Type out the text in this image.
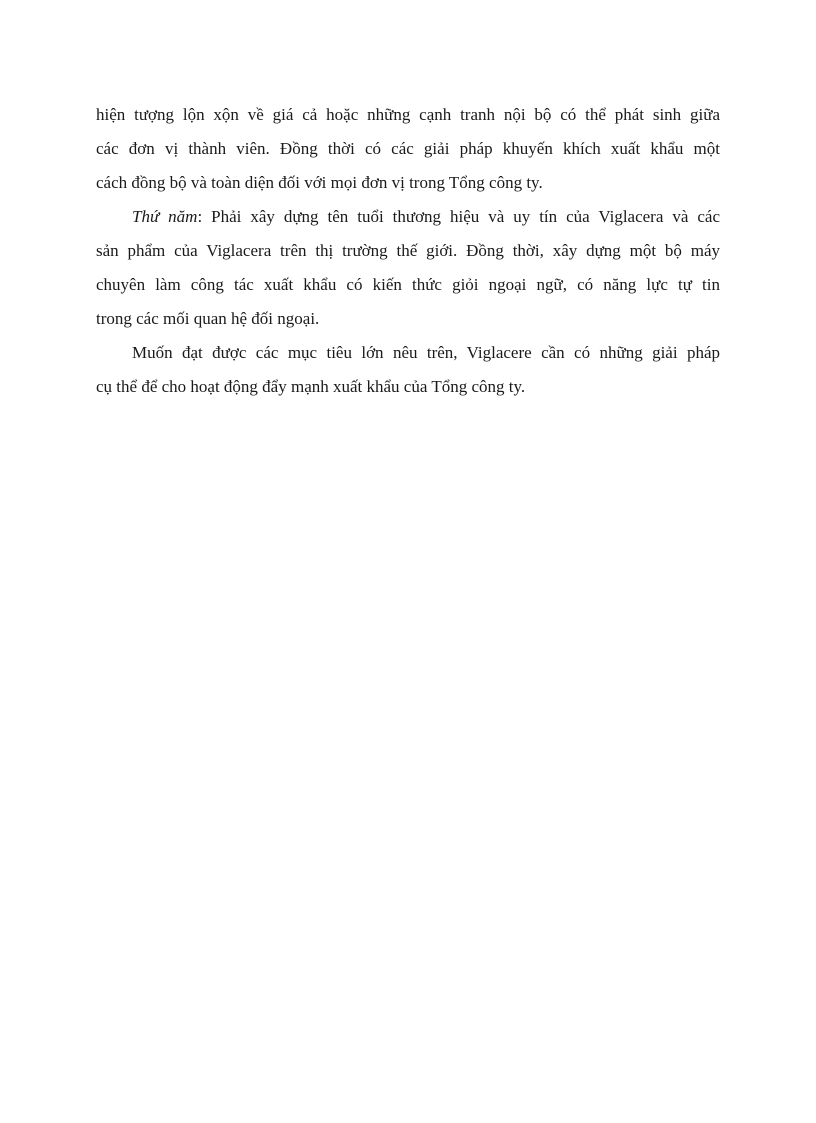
hiện tượng lộn xộn về giá cả hoặc những cạnh tranh nội bộ có thể phát sinh giữa
các đơn vị thành viên. Đồng thời có các giải pháp khuyến khích xuất khẩu một
cách đồng bộ và toàn diện đối với mọi đơn vị trong Tổng công ty.
Thứ năm: Phải xây dựng tên tuổi thương hiệu và uy tín của Viglacera và các
sản phẩm của Viglacera trên thị trường thế giới. Đồng thời, xây dựng một bộ máy
chuyên làm công tác xuất khẩu có kiến thức giỏi ngoại ngữ, có năng lực tự tin
trong các mối quan hệ đối ngoại.
Muốn đạt được các mục tiêu lớn nêu trên, Viglacere cần có những giải pháp
cụ thể để cho hoạt động đẩy mạnh xuất khẩu của Tổng công ty.
